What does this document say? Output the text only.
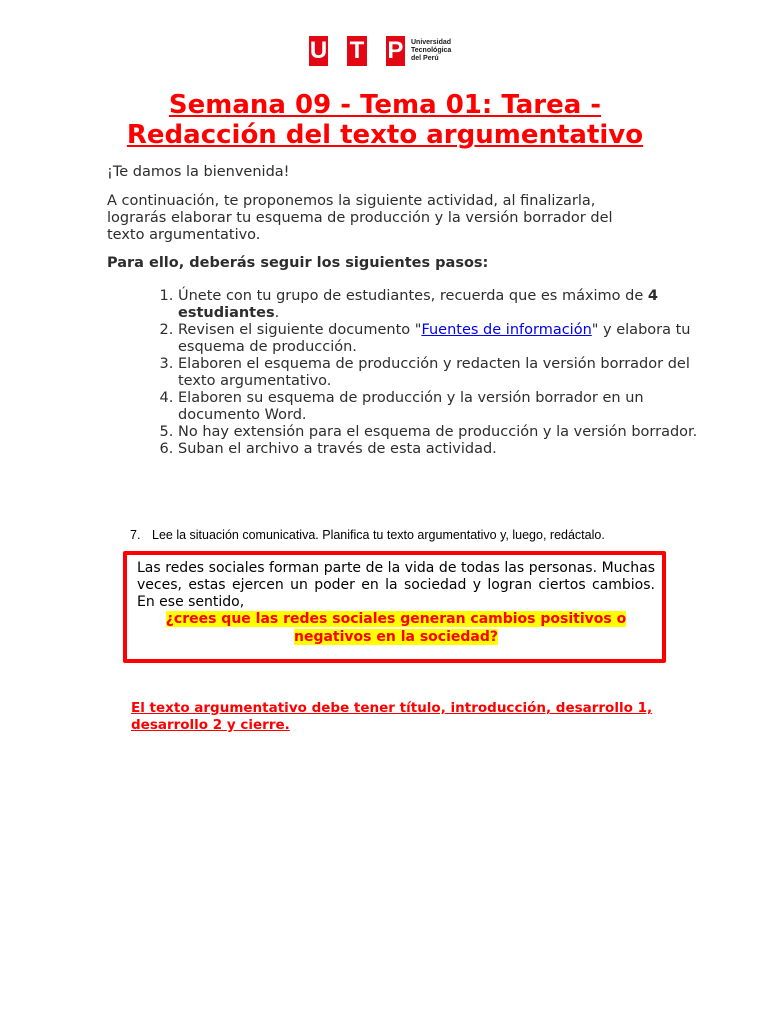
U T P Universidad
Tecnológica
del Perú
Semana 09 - Tema 01: Tarea - Redacción del texto argumentativo

¡Te damos la bienvenida!

A continuación, te proponemos la siguiente actividad, al finalizarla, lograrás elaborar tu esquema de producción y la versión borrador del texto argumentativo.

Para ello, deberás seguir los siguientes pasos:

1. Únete con tu grupo de estudiantes, recuerda que es máximo de 4 estudiantes.
2. Revisen el siguiente documento "Fuentes de información" y elabora tu esquema de producción.
3. Elaboren el esquema de producción y redacten la versión borrador del texto argumentativo.
4. Elaboren su esquema de producción y la versión borrador en un documento Word.
5. No hay extensión para el esquema de producción y la versión borrador.
6. Suban el archivo a través de esta actividad.
7. Lee la situación comunicativa. Planifica tu texto argumentativo y, luego, redáctalo.
Las redes sociales forman parte de la vida de todas las personas. Muchas veces, estas ejercen un poder en la sociedad y logran ciertos cambios. En ese sentido,
¿crees que las redes sociales generan cambios positivos o negativos en la sociedad?
El texto argumentativo debe tener título, introducción, desarrollo 1, desarrollo 2 y cierre.
